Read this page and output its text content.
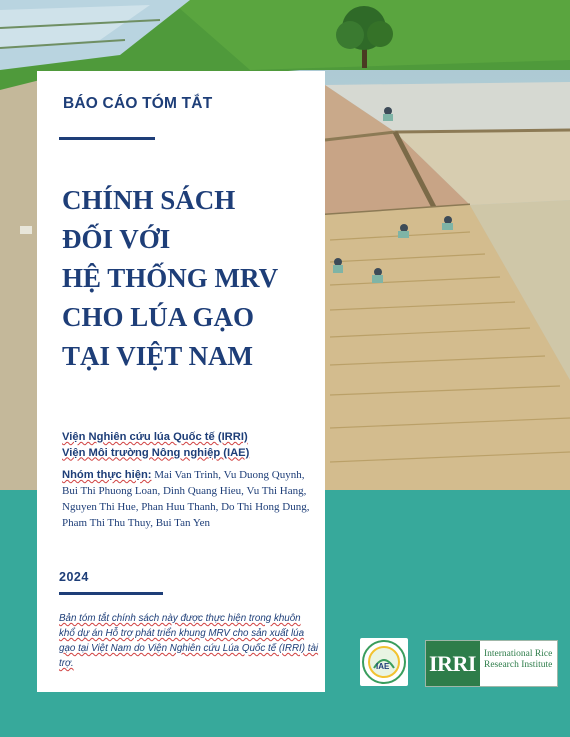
BÁO CÁO TÓM TẮT
CHÍNH SÁCH
ĐỐI VỚI
HỆ THỐNG MRV
CHO LÚA GẠO
TẠI VIỆT NAM
Viện Nghiên cứu lúa Quốc tế (IRRI)
Viện Môi trường Nông nghiệp (IAE)
Nhóm thực hiện: Mai Van Trinh, Vu Duong Quynh, Bui Thi Phuong Loan, Dinh Quang Hieu, Vu Thi Hang, Nguyen Thi Hue, Phan Huu Thanh, Do Thi Hong Dung, Pham Thi Thu Thuy, Bui Tan Yen
2024
Bản tóm tắt chính sách này được thực hiện trong khuôn khổ dự án Hỗ trợ phát triển khung MRV cho sản xuất lúa gạo tại Việt Nam do Viện Nghiên cứu Lúa Quốc tế (IRRI) tài trợ.	IAE IRRI International Rice Research Institute
